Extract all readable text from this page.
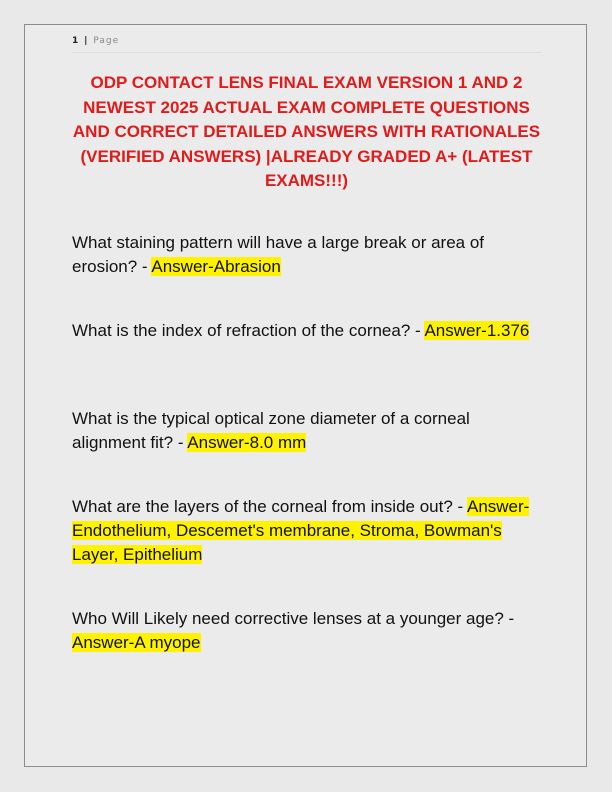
1 | Page
ODP CONTACT LENS FINAL EXAM VERSION 1 AND 2 NEWEST 2025 ACTUAL EXAM COMPLETE QUESTIONS AND CORRECT DETAILED ANSWERS WITH RATIONALES (VERIFIED ANSWERS) |ALREADY GRADED A+ (LATEST EXAMS!!!)
What staining pattern will have a large break or area of erosion? - Answer-Abrasion
What is the index of refraction of the cornea? - Answer-1.376
What is the typical optical zone diameter of a corneal alignment fit? - Answer-8.0 mm
What are the layers of the corneal from inside out? - Answer-Endothelium, Descemet's membrane, Stroma, Bowman's Layer, Epithelium
Who Will Likely need corrective lenses at a younger age? - Answer-A myope
